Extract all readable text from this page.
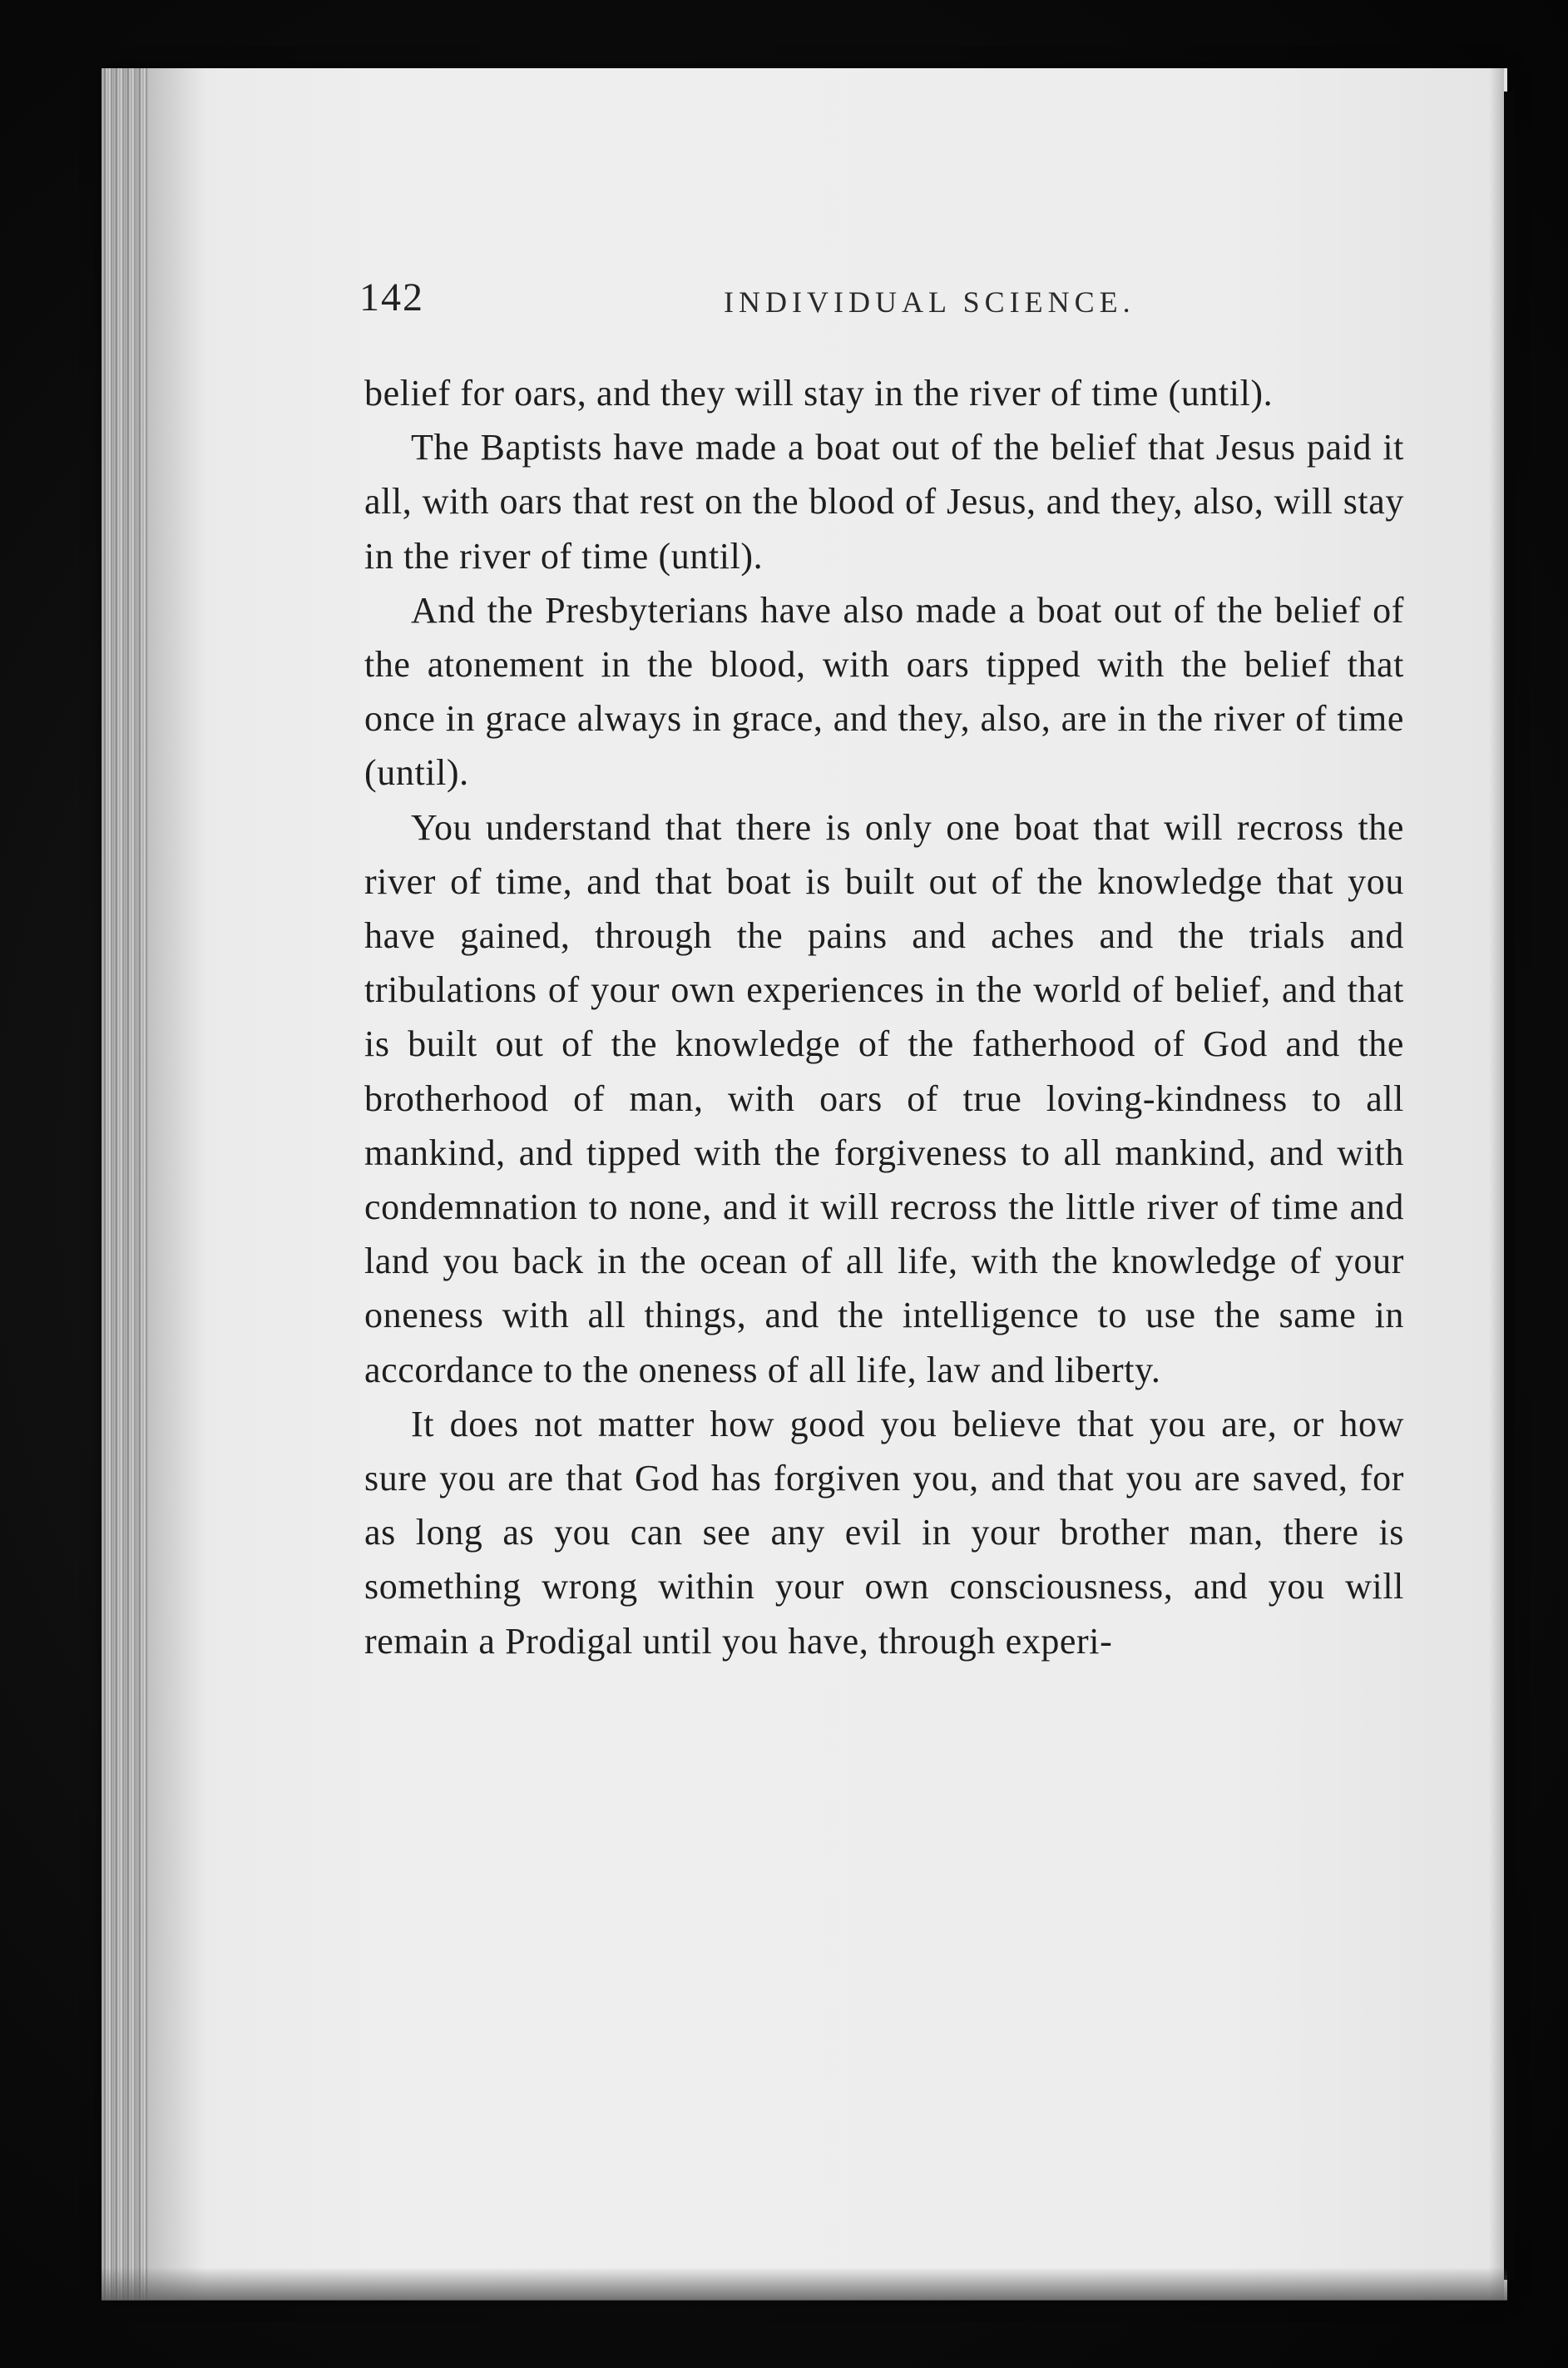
142	INDIVIDUAL SCIENCE.

belief for oars, and they will stay in the river of time (until).

The Baptists have made a boat out of the belief that Jesus paid it all, with oars that rest on the blood of Jesus, and they, also, will stay in the river of time (until).

And the Presbyterians have also made a boat out of the belief of the atonement in the blood, with oars tipped with the belief that once in grace always in grace, and they, also, are in the river of time (until).

You understand that there is only one boat that will recross the river of time, and that boat is built out of the knowledge that you have gained, through the pains and aches and the trials and tribulations of your own experiences in the world of belief, and that is built out of the knowledge of the fatherhood of God and the brotherhood of man, with oars of true loving-kindness to all mankind, and tipped with the forgiveness to all mankind, and with condemnation to none, and it will recross the little river of time and land you back in the ocean of all life, with the knowledge of your oneness with all things, and the intelligence to use the same in accordance to the oneness of all life, law and liberty.

It does not matter how good you believe that you are, or how sure you are that God has forgiven you, and that you are saved, for as long as you can see any evil in your brother man, there is something wrong within your own consciousness, and you will remain a Prodigal until you have, through experi-
